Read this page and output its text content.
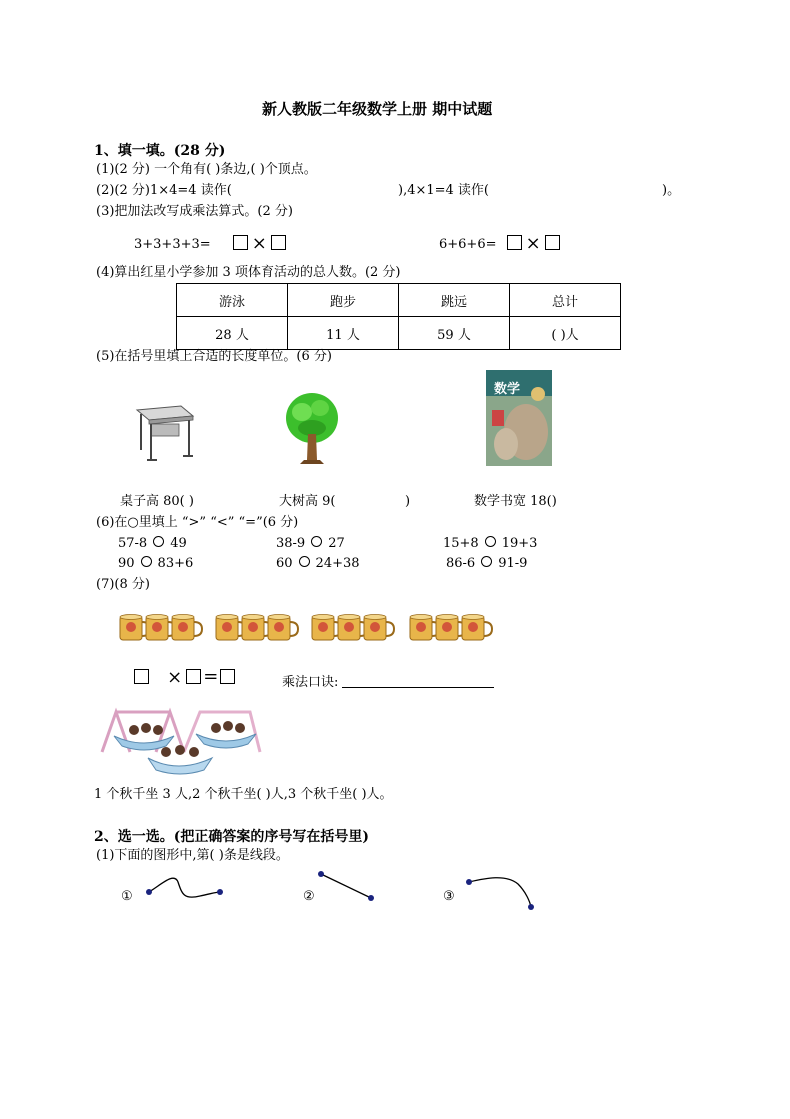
新人教版二年级数学上册 期中试题
1、填一填。(28 分)
(1)(2 分) 一个角有( )条边,( )个顶点。
(2)(2 分)1×4=4 读作(	),4×1=4 读作(	)。
(3)把加法改写成乘法算式。(2 分)
3+3+3+3= ×	6+6+6= ×
(4)算出红星小学参加 3 项体育活动的总人数。(2 分)
游泳	跑步	跳远	总计
28 人	11 人	59 人	( )人
(5)在括号里填上合适的长度单位。(6 分)
数学
桌子高 80( )	大树高 9(	)	数学书宽 18()
(6)在○里填上 “>” “<” “=”(6 分)
57-8 49	38-9 27	15+8 19+3
90 83+6	60 24+38	86-6 91-9
(7)(8 分)
× =	乘法口诀:
1 个秋千坐 3 人,2 个秋千坐( )人,3 个秋千坐( )人。
2、选一选。(把正确答案的序号写在括号里)
(1)下面的图形中,第( )条是线段。
①	②	③
